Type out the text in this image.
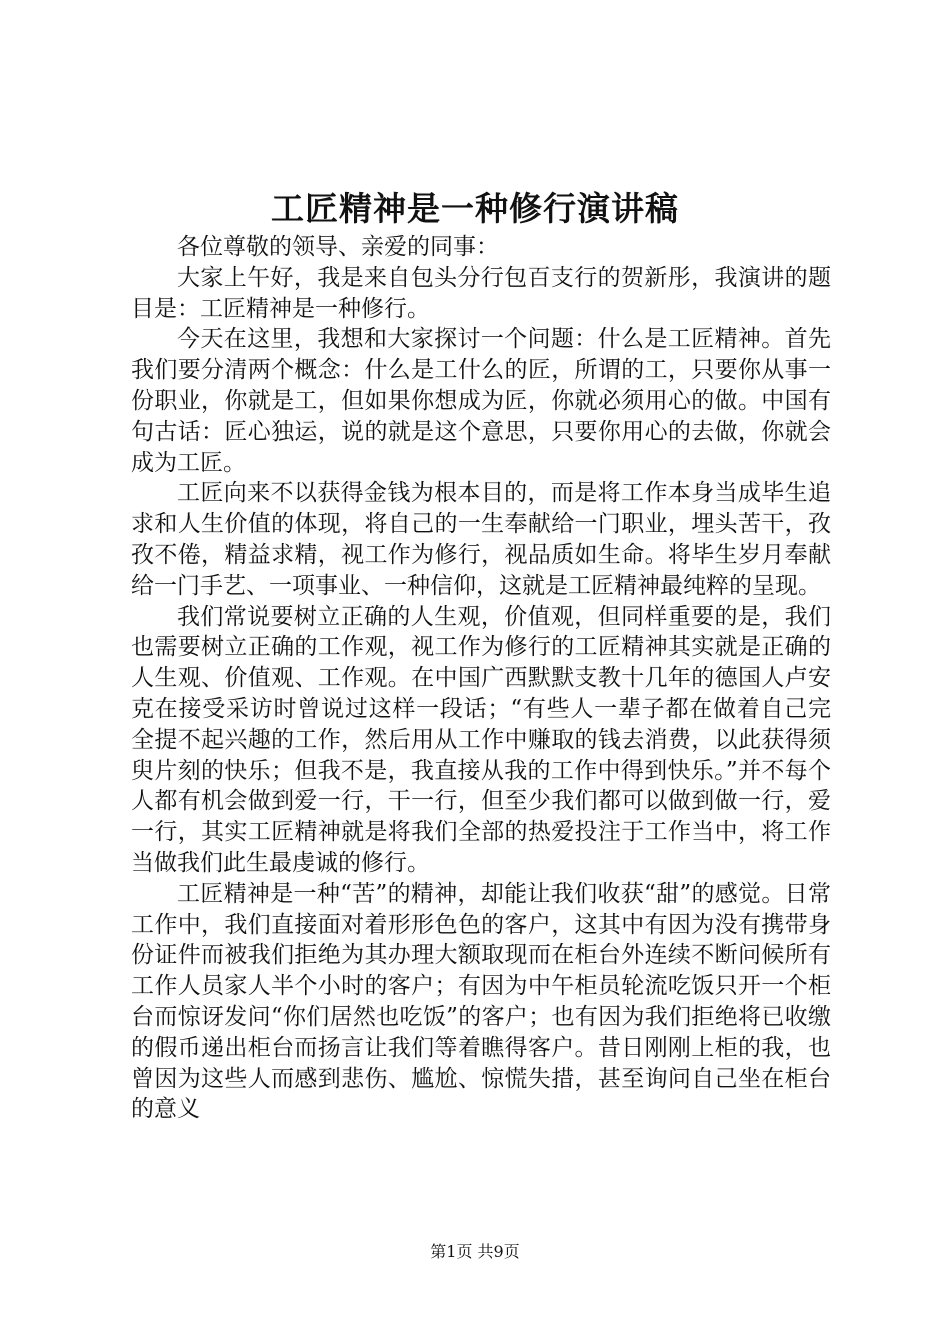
工匠精神是一种修行演讲稿

各位尊敬的领导、亲爱的同事：

大家上午好，我是来自包头分行包百支行的贺新彤，我演讲的题目是：工匠精神是一种修行。

今天在这里，我想和大家探讨一个问题：什么是工匠精神。首先我们要分清两个概念：什么是工什么的匠，所谓的工，只要你从事一份职业，你就是工，但如果你想成为匠，你就必须用心的做。中国有句古话：匠心独运，说的就是这个意思，只要你用心的去做，你就会成为工匠。

工匠向来不以获得金钱为根本目的，而是将工作本身当成毕生追求和人生价值的体现，将自己的一生奉献给一门职业，埋头苦干，孜孜不倦，精益求精，视工作为修行，视品质如生命。将毕生岁月奉献给一门手艺、一项事业、一种信仰，这就是工匠精神最纯粹的呈现。

我们常说要树立正确的人生观，价值观，但同样重要的是，我们也需要树立正确的工作观，视工作为修行的工匠精神其实就是正确的人生观、价值观、工作观。在中国广西默默支教十几年的德国人卢安克在接受采访时曾说过这样一段话；“有些人一辈子都在做着自己完全提不起兴趣的工作，然后用从工作中赚取的钱去消费，以此获得须臾片刻的快乐；但我不是，我直接从我的工作中得到快乐。”并不每个人都有机会做到爱一行，干一行，但至少我们都可以做到做一行，爱一行，其实工匠精神就是将我们全部的热爱投注于工作当中，将工作当做我们此生最虔诚的修行。

工匠精神是一种“苦”的精神，却能让我们收获“甜”的感觉。日常工作中，我们直接面对着形形色色的客户，这其中有因为没有携带身份证件而被我们拒绝为其办理大额取现而在柜台外连续不断问候所有工作人员家人半个小时的客户；有因为中午柜员轮流吃饭只开一个柜台而惊讶发问“你们居然也吃饭”的客户；也有因为我们拒绝将已收缴的假币递出柜台而扬言让我们等着瞧得客户。昔日刚刚上柜的我，也曾因为这些人而感到悲伤、尴尬、惊慌失措，甚至询问自己坐在柜台的意义

第1页 共9页
